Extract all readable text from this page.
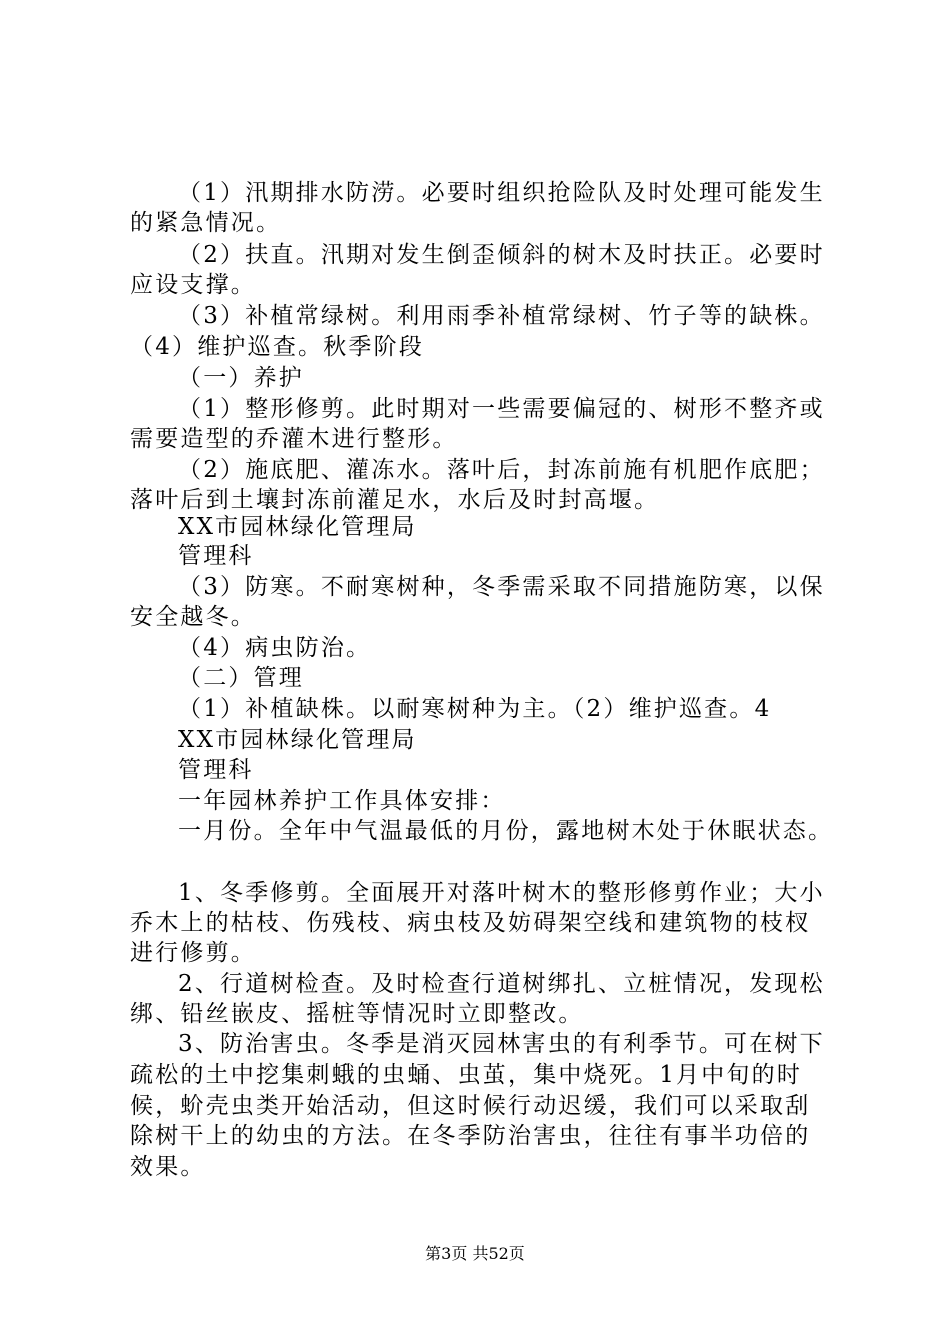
（1）汛期排水防涝。必要时组织抢险队及时处理可能发生
的紧急情况。
（2）扶直。汛期对发生倒歪倾斜的树木及时扶正。必要时
应设支撑。
（3）补植常绿树。利用雨季补植常绿树、竹子等的缺株。
（4）维护巡查。秋季阶段
（一）养护
（1）整形修剪。此时期对一些需要偏冠的、树形不整齐或
需要造型的乔灌木进行整形。
（2）施底肥、灌冻水。落叶后，封冻前施有机肥作底肥；
落叶后到土壤封冻前灌足水，水后及时封高堰。
XX市园林绿化管理局
管理科
（3）防寒。不耐寒树种，冬季需采取不同措施防寒，以保
安全越冬。
（4）病虫防治。
（二）管理
（1）补植缺株。以耐寒树种为主。（2）维护巡查。4
XX市园林绿化管理局
管理科
一年园林养护工作具体安排：
一月份。全年中气温最低的月份，露地树木处于休眠状态。
1、冬季修剪。全面展开对落叶树木的整形修剪作业；大小
乔木上的枯枝、伤残枝、病虫枝及妨碍架空线和建筑物的枝杈
进行修剪。
2、行道树检查。及时检查行道树绑扎、立桩情况，发现松
绑、铅丝嵌皮、摇桩等情况时立即整改。
3、防治害虫。冬季是消灭园林害虫的有利季节。可在树下
疏松的土中挖集刺蛾的虫蛹、虫茧，集中烧死。1月中旬的时
候，蚧壳虫类开始活动，但这时候行动迟缓，我们可以采取刮
除树干上的幼虫的方法。在冬季防治害虫，往往有事半功倍的
效果。
第3页 共52页
